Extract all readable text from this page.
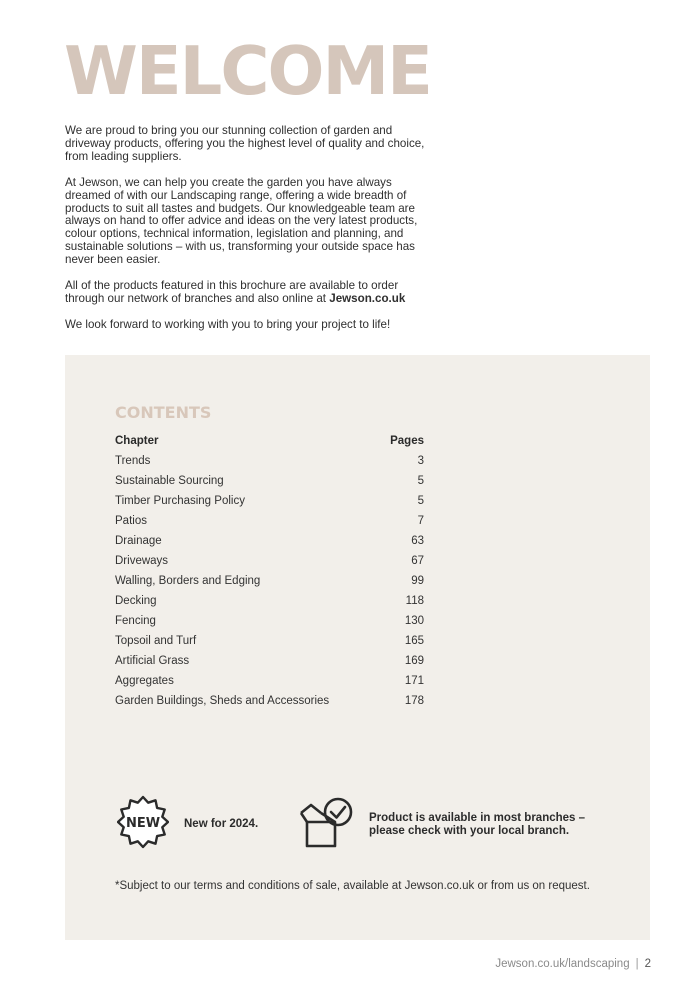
WELCOME

We are proud to bring you our stunning collection of garden and driveway products, offering you the highest level of quality and choice, from leading suppliers.

At Jewson, we can help you create the garden you have always dreamed of with our Landscaping range, offering a wide breadth of products to suit all tastes and budgets. Our knowledgeable team are always on hand to offer advice and ideas on the very latest products, colour options, technical information, legislation and planning, and sustainable solutions – with us, transforming your outside space has never been easier.

All of the products featured in this brochure are available to order through our network of branches and also online at Jewson.co.uk

We look forward to working with you to bring your project to life!

CONTENTS
Chapter	Pages
Trends	3
Sustainable Sourcing	5
Timber Purchasing Policy	5
Patios	7
Drainage	63
Driveways	67
Walling, Borders and Edging	99
Decking	118
Fencing	130
Topsoil and Turf	165
Artificial Grass	169
Aggregates	171
Garden Buildings, Sheds and Accessories	178
NEW New for 2024.	Product is available in most branches –
please check with your local branch.
*Subject to our terms and conditions of sale, available at Jewson.co.uk or from us on request.
Jewson.co.uk/landscaping | 2
